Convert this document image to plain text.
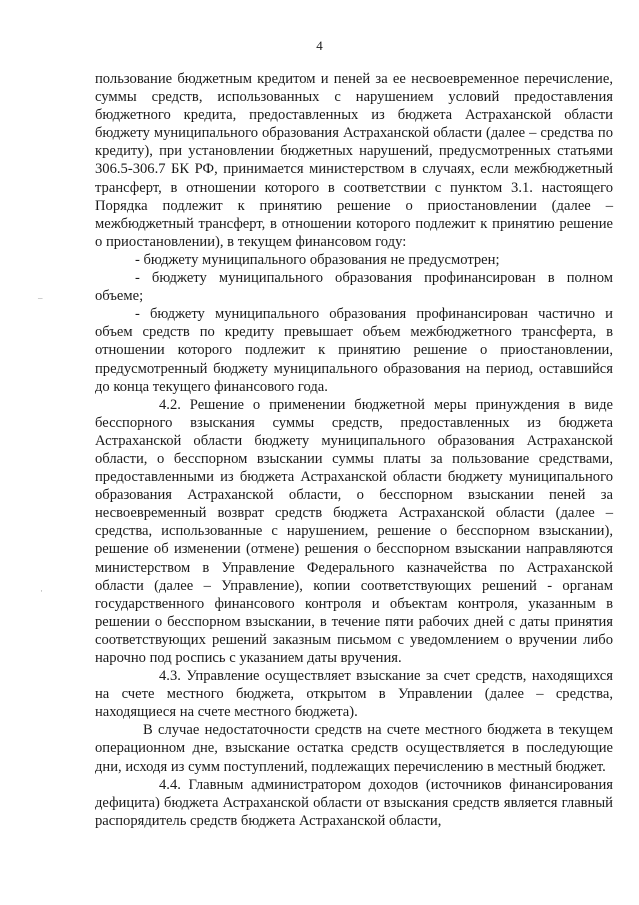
4
–
·

пользование бюджетным кредитом и пеней за ее несвоевременное перечисление, суммы средств, использованных с нарушением условий предоставления бюджетного кредита, предоставленных из бюджета Астраханской области бюджету муниципального образования Астраханской области (далее – средства по кредиту), при установлении бюджетных нарушений, предусмотренных статьями 306.5-306.7 БК РФ, принимается министерством в случаях, если межбюджетный трансферт, в отношении которого в соответствии с пунктом 3.1. настоящего Порядка подлежит к принятию решение о приостановлении (далее – межбюджетный трансферт, в отношении которого подлежит к принятию решение о приостановлении), в текущем финансовом году:

- бюджету муниципального образования не предусмотрен;

- бюджету муниципального образования профинансирован в полном объеме;

- бюджету муниципального образования профинансирован частично и объем средств по кредиту превышает объем межбюджетного трансферта, в отношении которого подлежит к принятию решение о приостановлении, предусмотренный бюджету муниципального образования на период, оставшийся до конца текущего финансового года.

4.2. Решение о применении бюджетной меры принуждения в виде бесспорного взыскания суммы средств, предоставленных из бюджета Астраханской области бюджету муниципального образования Астраханской области, о бесспорном взыскании суммы платы за пользование средствами, предоставленными из бюджета Астраханской области бюджету муниципального образования Астраханской области, о бесспорном взыскании пеней за несвоевременный возврат средств бюджета Астраханской области (далее – средства, использованные с нарушением, решение о бесспорном взыскании), решение об изменении (отмене) решения о бесспорном взыскании направляются министерством в Управление Федерального казначейства по Астраханской области (далее – Управление), копии соответствующих решений - органам государственного финансового контроля и объектам контроля, указанным в решении о бесспорном взыскании, в течение пяти рабочих дней с даты принятия соответствующих решений заказным письмом с уведомлением о вручении либо нарочно под роспись с указанием даты вручения.

4.3. Управление осуществляет взыскание за счет средств, находящихся на счете местного бюджета, открытом в Управлении (далее – средства, находящиеся на счете местного бюджета).

В случае недостаточности средств на счете местного бюджета в текущем операционном дне, взыскание остатка средств осуществляется в последующие дни, исходя из сумм поступлений, подлежащих перечислению в местный бюджет.

4.4. Главным администратором доходов (источников финансирования дефицита) бюджета Астраханской области от взыскания средств является главный распорядитель средств бюджета Астраханской области,
